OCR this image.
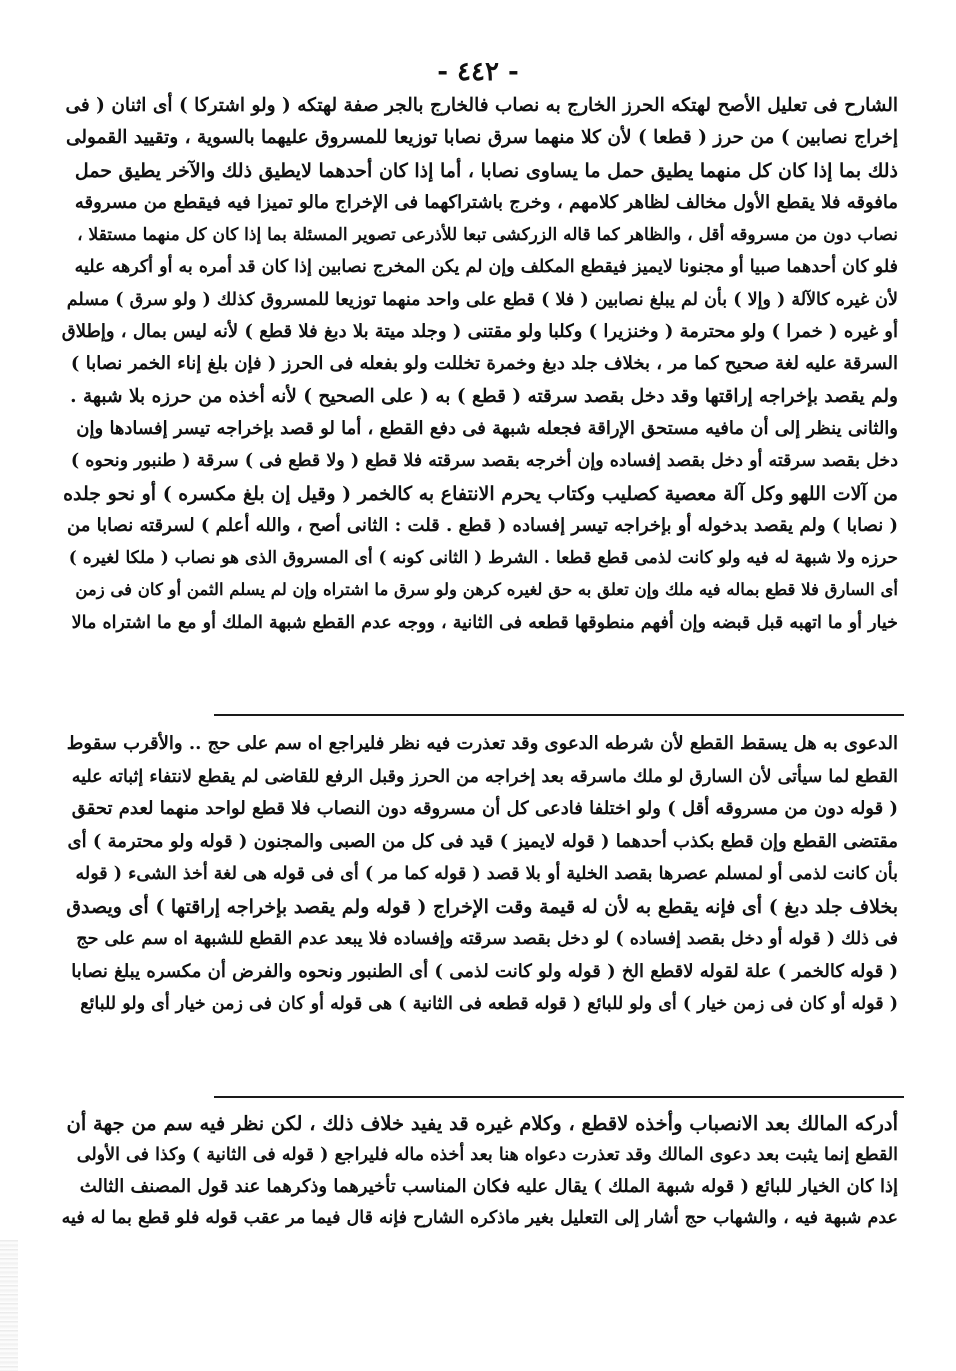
- ٤٤٢ -
الشارح فى تعليل الأصح لهتكه الحرز الخارج به نصاب فالخارج بالجر صفة لهتكه ( ولو اشتركا ) أى اثنان ( فى
إخراج نصابين ) من حرز ( قطعا ) لأن كلا منهما سرق نصابا توزيعا للمسروق عليهما بالسوية ، وتقييد القمولى
ذلك بما إذا كان كل منهما يطيق حمل ما يساوى نصابا ، أما إذا كان أحدهما لايطيق ذلك والآخر يطيق حمل
مافوقه فلا يقطع الأول مخالف لظاهر كلامهم ، وخرج باشتراكهما فى الإخراج مالو تميزا فيه فيقطع من مسروقه
نصاب دون من مسروقه أقل ، والظاهر كما قاله الزركشى تبعا للأذرعى تصوير المسئلة بما إذا كان كل منهما مستقلا ،
فلو كان أحدهما صبيا أو مجنونا لايميز فيقطع المكلف وإن لم يكن المخرج نصابين إذا كان قد أمره به أو أكرهه عليه
لأن غيره كالآلة ( وإلا ) بأن لم يبلغ نصابين ( فلا ) قطع على واحد منهما توزيعا للمسروق كذلك ( ولو سرق ) مسلم
أو غيره ( خمرا ) ولو محترمة ( وخنزيرا ) وكلبا ولو مقتنى ( وجلد ميتة بلا دبغ فلا قطع ) لأنه ليس بمال ، وإطلاق
السرقة عليه لغة صحيح كما مر ، بخلاف جلد دبغ وخمرة تخللت ولو بفعله فى الحرز ( فإن بلغ إناء الخمر نصابا )
ولم يقصد بإخراجه إراقتها وقد دخل بقصد سرقته ( قطع ) به ( على الصحيح ) لأنه أخذه من حرزه بلا شبهة .
والثانى ينظر إلى أن مافيه مستحق الإراقة فجعله شبهة فى دفع القطع ، أما لو قصد بإخراجه تيسر إفسادها وإن
دخل بقصد سرقته أو دخل بقصد إفساده وإن أخرجه بقصد سرقته فلا قطع ( ولا قطع فى ) سرقة ( طنبور ونحوه )
من آلات اللهو وكل آلة معصية كصليب وكتاب يحرم الانتفاع به كالخمر ( وقيل إن بلغ مكسره ) أو نحو جلده
( نصابا ) ولم يقصد بدخوله أو بإخراجه تيسر إفساده ( قطع . قلت : الثانى أصح ، والله أعلم ) لسرقته نصابا من
حرزه ولا شبهة له فيه ولو كانت لذمى قطع قطعا . الشرط ( الثانى كونه ) أى المسروق الذى هو نصاب ( ملكا لغيره )
أى السارق فلا قطع بماله فيه ملك وإن تعلق به حق لغيره كرهن ولو سرق ما اشتراه وإن لم يسلم الثمن أو كان فى زمن
خيار أو ما اتهبه قبل قبضه وإن أفهم منطوقها قطعه فى الثانية ، ووجه عدم القطع شبهة الملك أو مع ما اشتراه مالا
الدعوى به هل يسقط القطع لأن شرطه الدعوى وقد تعذرت فيه نظر فليراجع اه سم على حج .. والأقرب سقوط
القطع لما سيأتى لأن السارق لو ملك ماسرقه بعد إخراجه من الحرز وقبل الرفع للقاضى لم يقطع لانتفاء إثباته عليه
( قوله دون من مسروقه أقل ) ولو اختلفا فادعى كل أن مسروقه دون النصاب فلا قطع لواحد منهما لعدم تحقق
مقتضى القطع وإن قطع بكذب أحدهما ( قوله لايميز ) قيد فى كل من الصبى والمجنون ( قوله ولو محترمة ) أى
بأن كانت لذمى أو لمسلم عصرها بقصد الخلية أو بلا قصد ( قوله كما مر ) أى فى قوله هى لغة أخذ الشىء ( قوله
بخلاف جلد دبغ ) أى فإنه يقطع به لأن له قيمة وقت الإخراج ( قوله ولم يقصد بإخراجه إراقتها ) أى ويصدق
فى ذلك ( قوله أو دخل بقصد إفساده ) لو دخل بقصد سرقته وإفساده فلا يبعد عدم القطع للشبهة اه سم على حج
( قوله كالخمر ) علة لقوله لاقطع الخ ( قوله ولو كانت لذمى ) أى الطنبور ونحوه والفرض أن مكسره يبلغ نصابا
( قوله أو كان فى زمن خيار ) أى ولو للبائع ( قوله قطعه فى الثانية ) هى قوله أو كان فى زمن خيار أى ولو للبائع
أدركه المالك بعد الانصباب وأخذه لاقطع ، وكلام غيره قد يفيد خلاف ذلك ، لكن نظر فيه سم من جهة أن
القطع إنما يثبت بعد دعوى المالك وقد تعذرت دعواه هنا بعد أخذه ماله فليراجع ( قوله فى الثانية ) وكذا فى الأولى
إذا كان الخيار للبائع ( قوله شبهة الملك ) يقال عليه فكان المناسب تأخيرهما وذكرهما عند قول المصنف الثالث
عدم شبهة فيه ، والشهاب حج أشار إلى التعليل بغير ماذكره الشارح فإنه قال فيما مر عقب قوله فلو قطع بما له فيه
